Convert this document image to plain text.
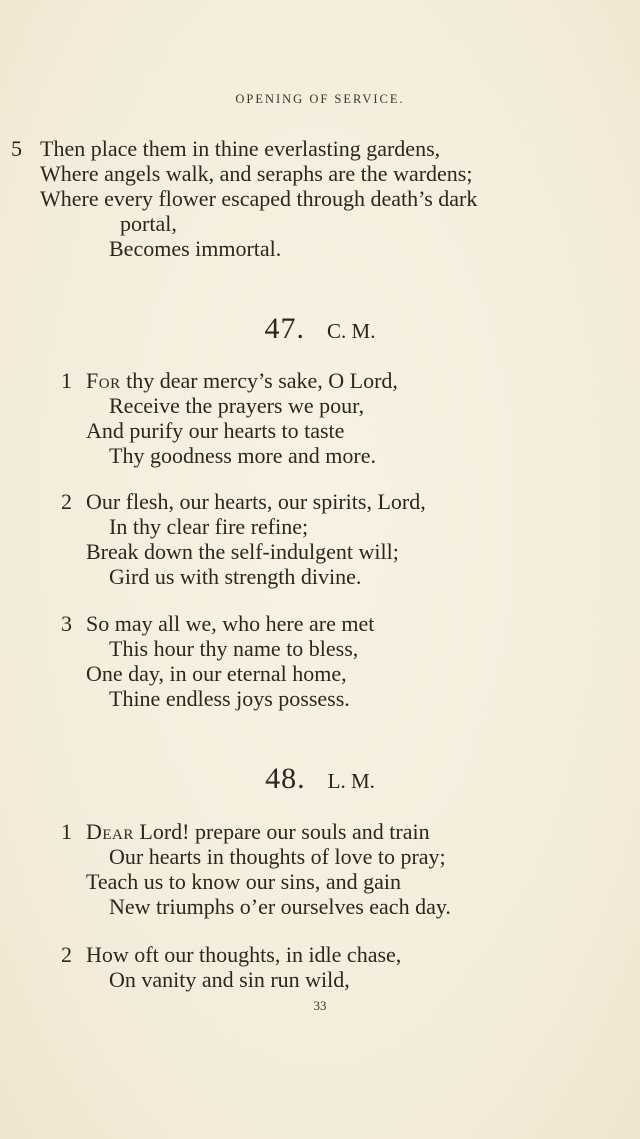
OPENING OF SERVICE.
5 Then place them in thine everlasting gardens,
Where angels walk, and seraphs are the wardens;
Where every flower escaped through death’s dark
portal,
Becomes immortal.
47. C. M.
1 For thy dear mercy’s sake, O Lord,
Receive the prayers we pour,
And purify our hearts to taste
Thy goodness more and more.
2 Our flesh, our hearts, our spirits, Lord,
In thy clear fire refine;
Break down the self-indulgent will;
Gird us with strength divine.
3 So may all we, who here are met
This hour thy name to bless,
One day, in our eternal home,
Thine endless joys possess.
48. L. M.
1 Dear Lord! prepare our souls and train
Our hearts in thoughts of love to pray;
Teach us to know our sins, and gain
New triumphs o’er ourselves each day.
2 How oft our thoughts, in idle chase,
On vanity and sin run wild,
33
